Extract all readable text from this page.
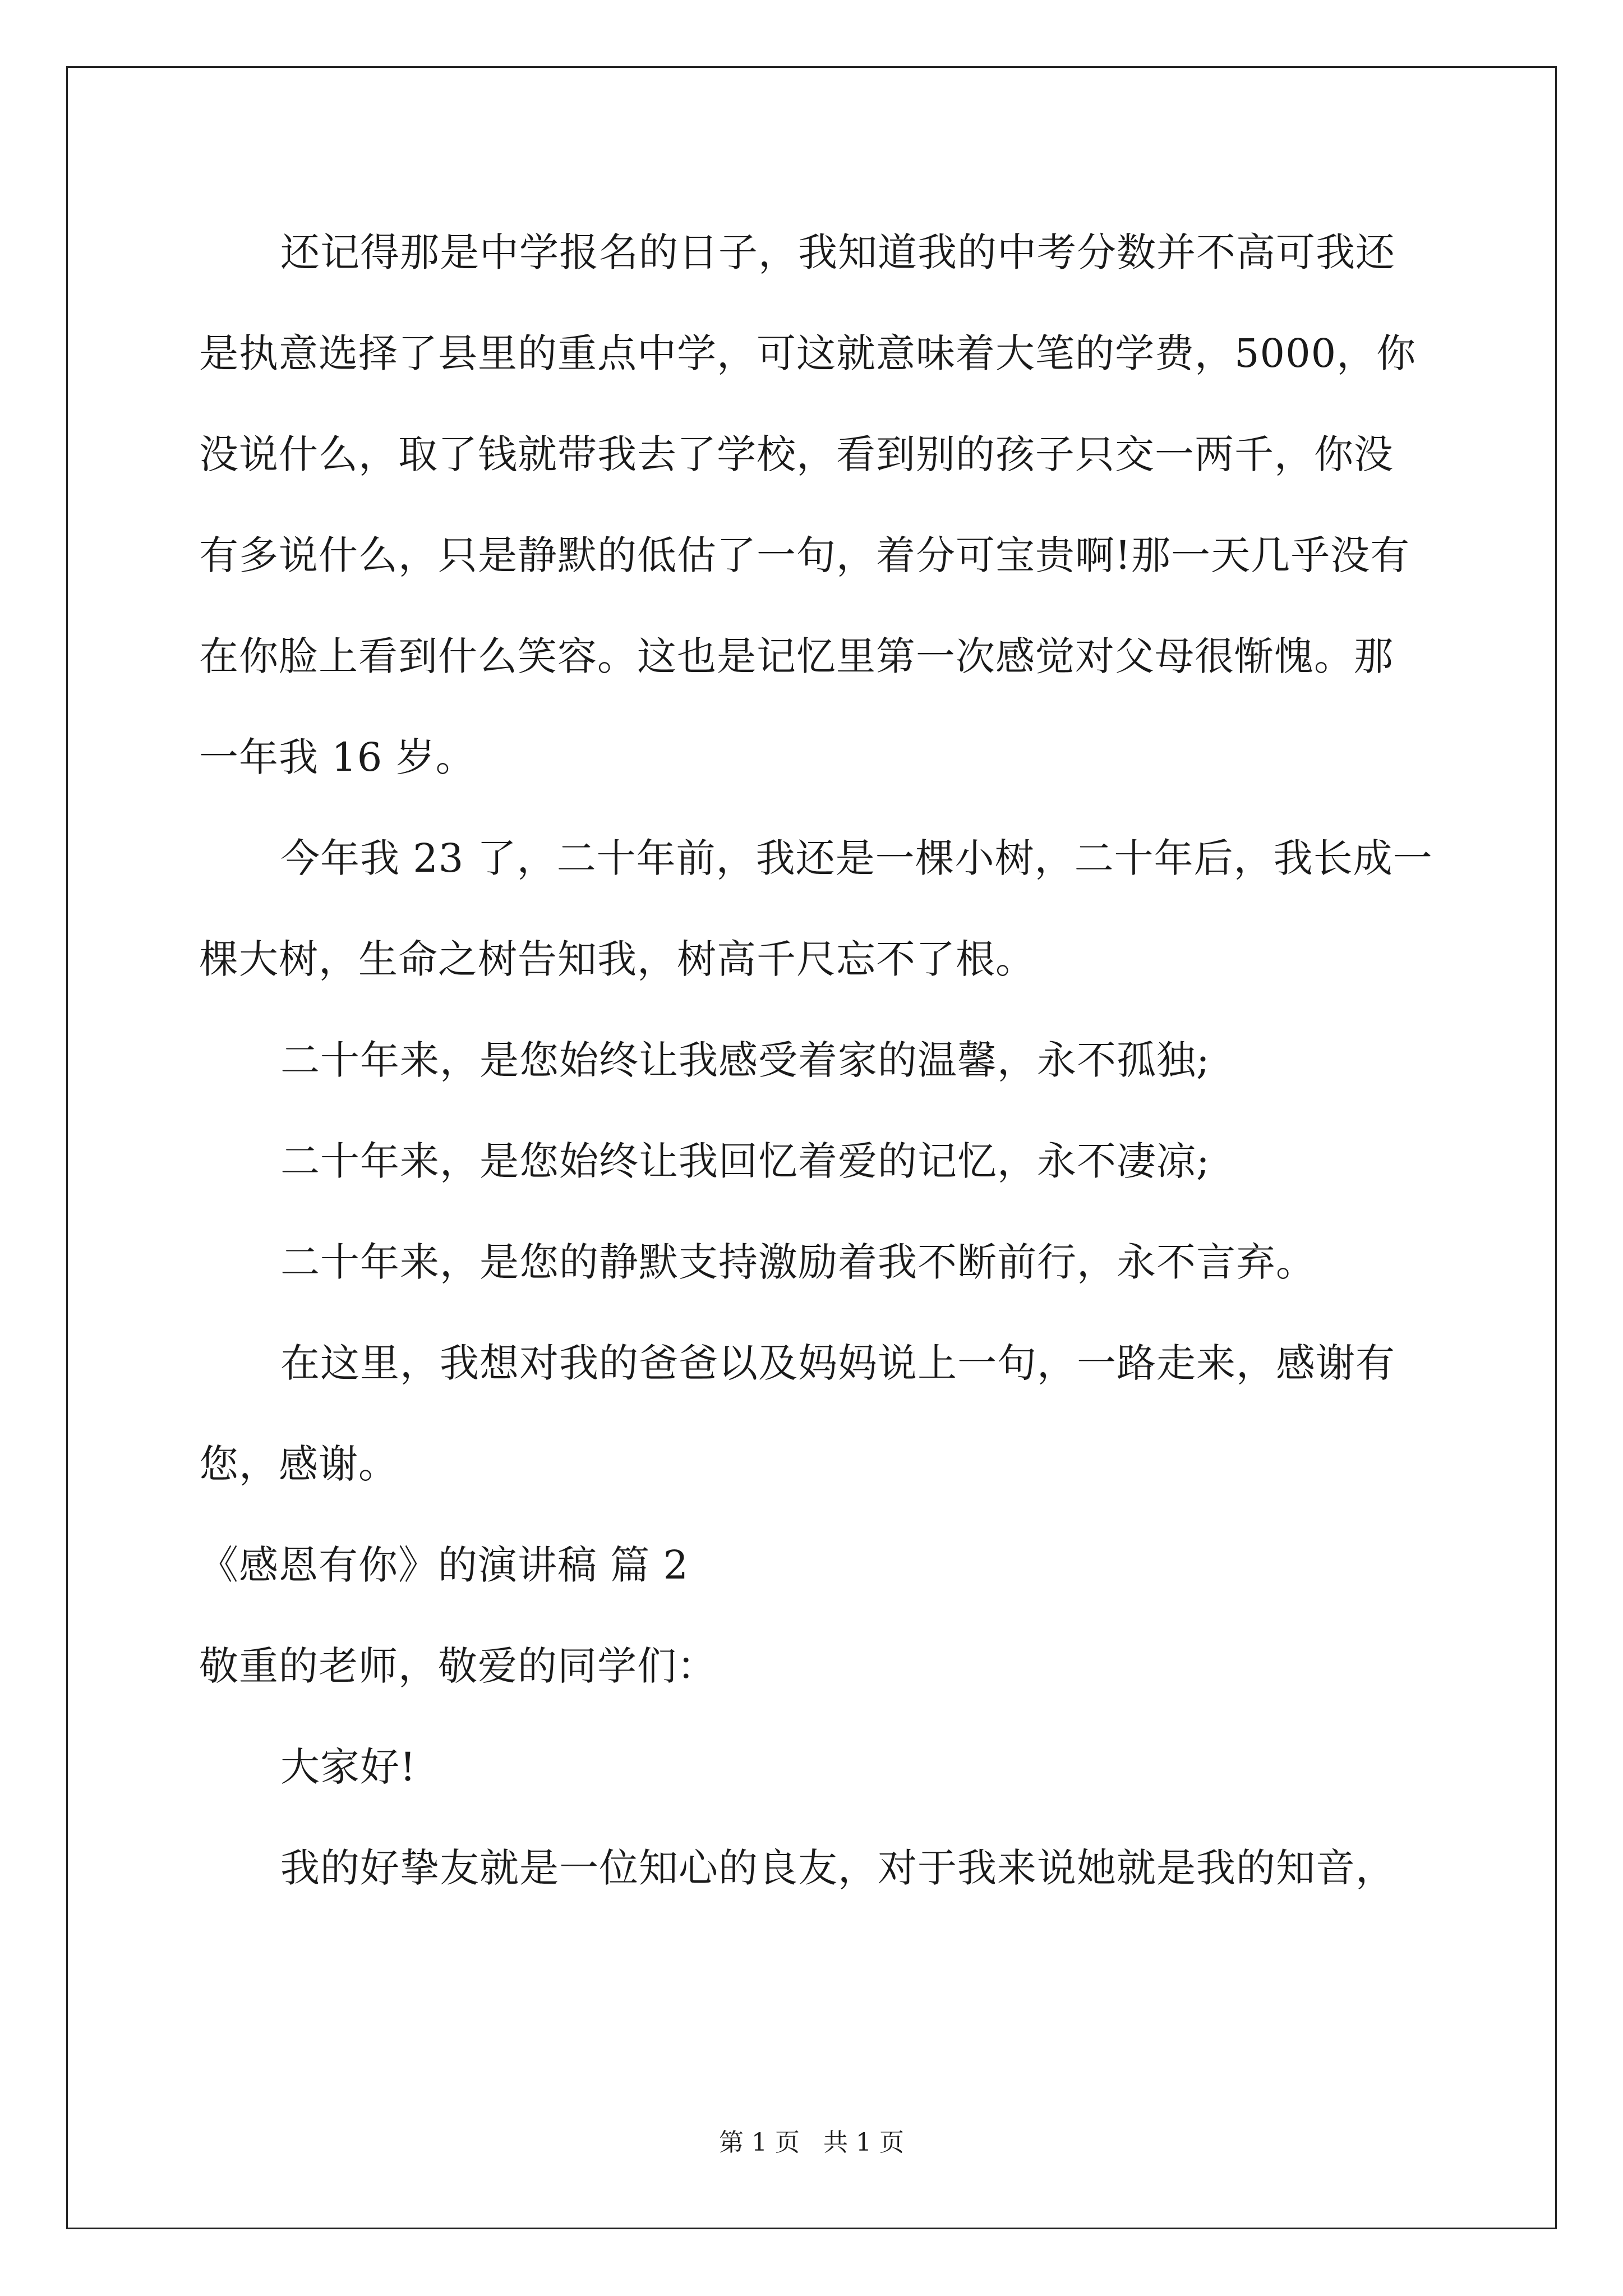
还记得那是中学报名的日子，我知道我的中考分数并不高可我还
是执意选择了县里的重点中学，可这就意味着大笔的学费，5000，你
没说什么，取了钱就带我去了学校，看到别的孩子只交一两千，你没
有多说什么，只是静默的低估了一句，着分可宝贵啊!那一天几乎没有
在你脸上看到什么笑容。这也是记忆里第一次感觉对父母很惭愧。那
一年我 16 岁。
今年我 23 了，二十年前，我还是一棵小树，二十年后，我长成一
棵大树，生命之树告知我，树高千尺忘不了根。
二十年来，是您始终让我感受着家的温馨，永不孤独;
二十年来，是您始终让我回忆着爱的记忆，永不凄凉;
二十年来，是您的静默支持激励着我不断前行，永不言弃。
在这里，我想对我的爸爸以及妈妈说上一句，一路走来，感谢有
您，感谢。
《感恩有你》的演讲稿 篇 2
敬重的老师，敬爱的同学们：
大家好!
我的好挚友就是一位知心的良友，对于我来说她就是我的知音，
第 1 页   共 1 页
